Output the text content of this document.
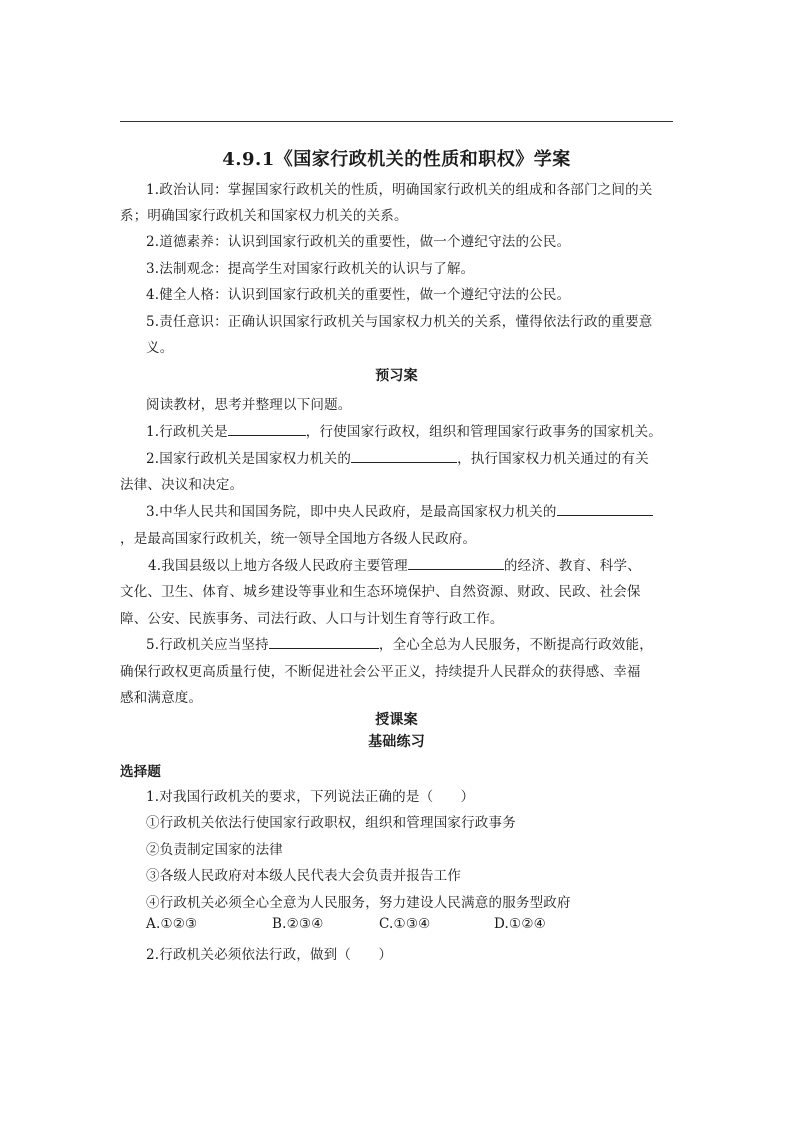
4.9.1《国家行政机关的性质和职权》学案
1.政治认同：掌握国家行政机关的性质，明确国家行政机关的组成和各部门之间的关
系；明确国家行政机关和国家权力机关的关系。
2.道德素养：认识到国家行政机关的重要性，做一个遵纪守法的公民。
3.法制观念：提高学生对国家行政机关的认识与了解。
4.健全人格：认识到国家行政机关的重要性，做一个遵纪守法的公民。
5.责任意识：正确认识国家行政机关与国家权力机关的关系，懂得依法行政的重要意
义。
预习案
阅读教材，思考并整理以下问题。
1.行政机关是	，行使国家行政权，组织和管理国家行政事务的国家机关。
2.国家行政机关是国家权力机关的	，执行国家权力机关通过的有关
法律、决议和决定。
3.中华人民共和国国务院，即中央人民政府，是最高国家权力机关的
，是最高国家行政机关，统一领导全国地方各级人民政府。
4.我国县级以上地方各级人民政府主要管理	的经济、教育、科学、
文化、卫生、体育、城乡建设等事业和生态环境保护、自然资源、财政、民政、社会保
障、公安、民族事务、司法行政、人口与计划生育等行政工作。
5.行政机关应当坚持	，全心全总为人民服务，不断提高行政效能，
确保行政权更高质量行使，不断促进社会公平正义，持续提升人民群众的获得感、幸福
感和满意度。
授课案
基础练习
选择题
1.对我国行政机关的要求，下列说法正确的是（　　）
①行政机关依法行使国家行政职权，组织和管理国家行政事务
②负责制定国家的法律
③各级人民政府对本级人民代表大会负责并报告工作
④行政机关必须全心全意为人民服务，努力建设人民满意的服务型政府
A.①②③	B.②③④	C.①③④	D.①②④
2.行政机关必须依法行政，做到（　　）
